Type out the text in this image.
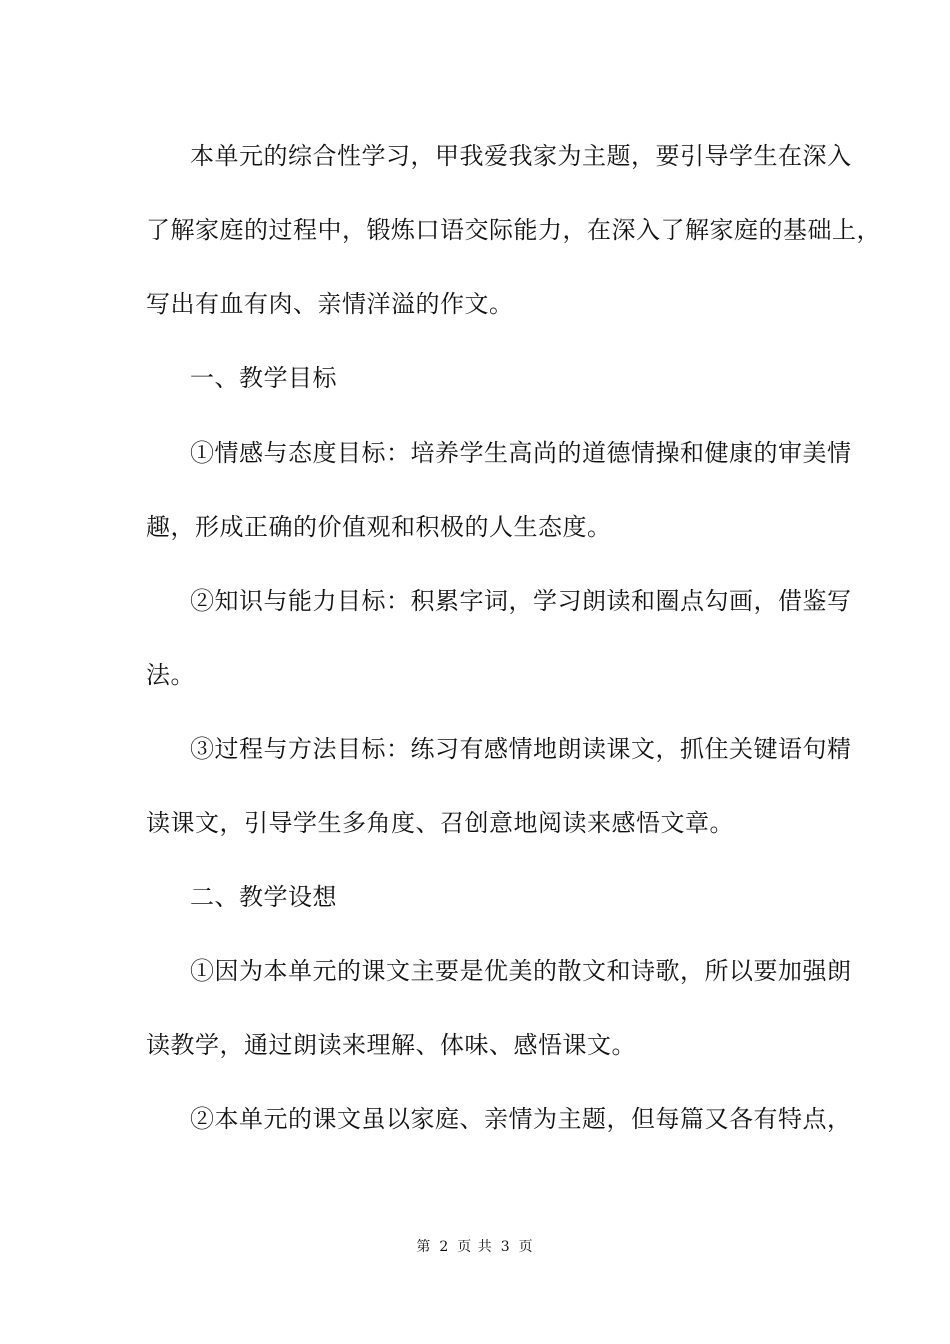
本单元的综合性学习，甲我爱我家为主题，要引导学生在深入
了解家庭的过程中，锻炼口语交际能力，在深入了解家庭的基础上，
写出有血有肉、亲情洋溢的作文。
一、教学目标
①情感与态度目标：培养学生高尚的道德情操和健康的审美情
趣，形成正确的价值观和积极的人生态度。
②知识与能力目标：积累字词，学习朗读和圈点勾画，借鉴写
法。
③过程与方法目标：练习有感情地朗读课文，抓住关键语句精
读课文，引导学生多角度、召创意地阅读来感悟文章。
二、教学设想
①因为本单元的课文主要是优美的散文和诗歌，所以要加强朗
读教学，通过朗读来理解、体味、感悟课文。
②本单元的课文虽以家庭、亲情为主题，但每篇又各有特点，
第 2 页 共 3 页
